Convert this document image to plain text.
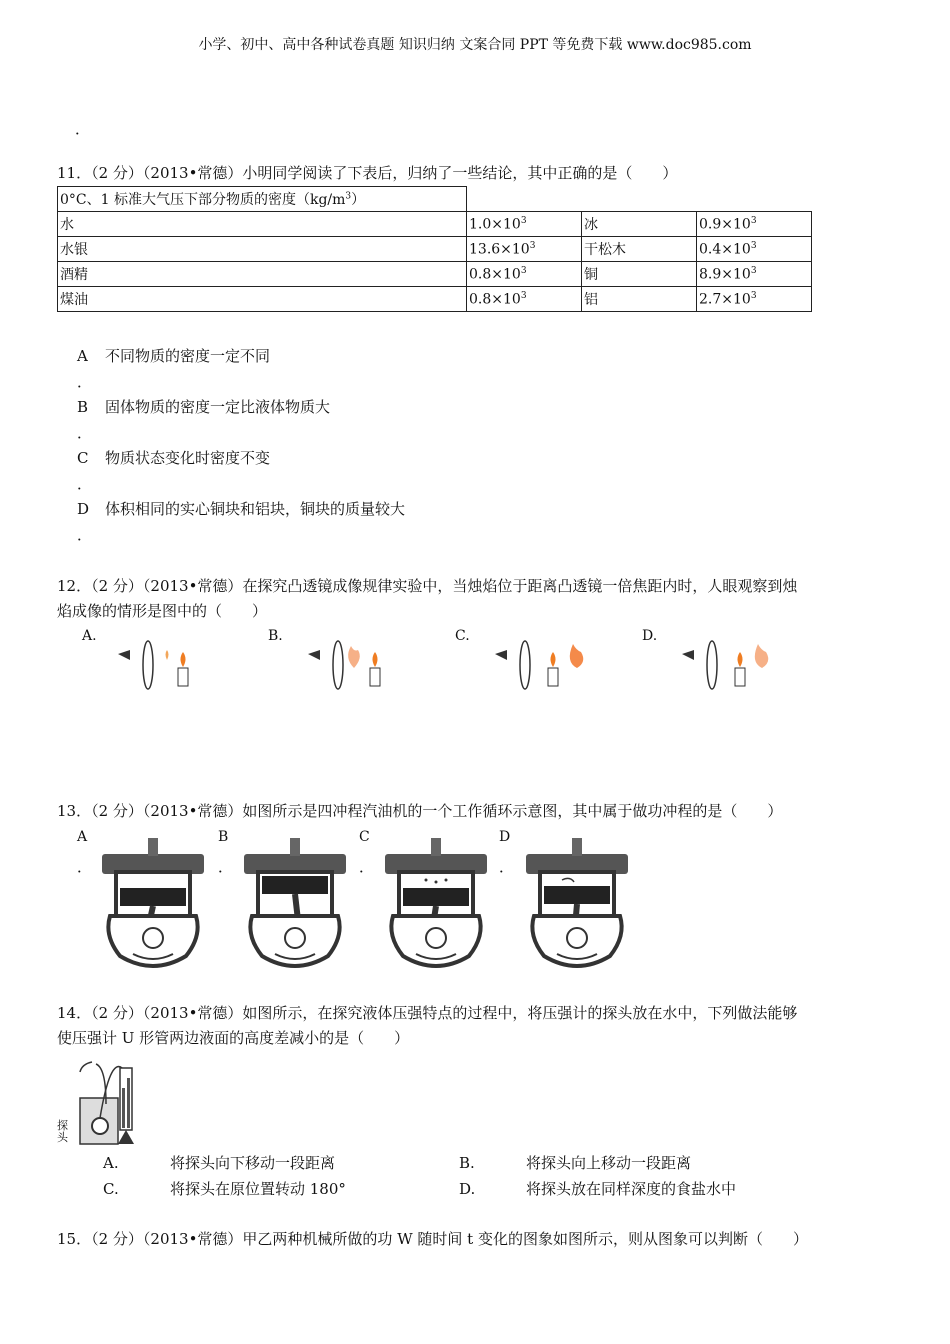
小学、初中、高中各种试卷真题 知识归纳 文案合同 PPT 等免费下载 www.doc985.com
．
11．（2 分）（2013•常德）小明同学阅读了下表后，归纳了一些结论，其中正确的是（　　）
0°C、1 标准大气压下部分物质的密度$(kg/m^3)$			
水	$1.0\times 10^3$	冰	$0.9\times 10^3$
水银	$13.6\times 10^3$	干松木	$0.4\times 10^3$
酒精	$0.8\times 10^3$	铜	$8.9\times 10^3$
煤油	$0.8\times 10^3$	铝	$2.7\times 10^3$
A 不同物质的密度一定不同
．
B 固体物质的密度一定比液体物质大
．
C 物质状态变化时密度不变
．
D 体积相同的实心铜块和铝块，铜块的质量较大
．
12．（2 分）（2013•常德）在探究凸透镜成像规律实验中，当烛焰位于距离凸透镜一倍焦距内时，人眼观察到烛
焰成像的情形是图中的（　　）
A.	B.	C.	D.
13．（2 分）（2013•常德）如图所示是四冲程汽油机的一个工作循环示意图，其中属于做功冲程的是（　　）
A
．
B
．
C
．
D
．
14．（2 分）（2013•常德）如图所示，在探究液体压强特点的过程中，将压强计的探头放在水中，下列做法能够
使压强计 U 形管两边液面的高度差减小的是（　　）
探头
A.	将探头向下移动一段距离	B.	将探头向上移动一段距离
C.	将探头在原位置转动 180°	D.	将探头放在同样深度的食盐水中
15．（2 分）（2013•常德）甲乙两种机械所做的功 W 随时间 t 变化的图象如图所示，则从图象可以判断（　　）
